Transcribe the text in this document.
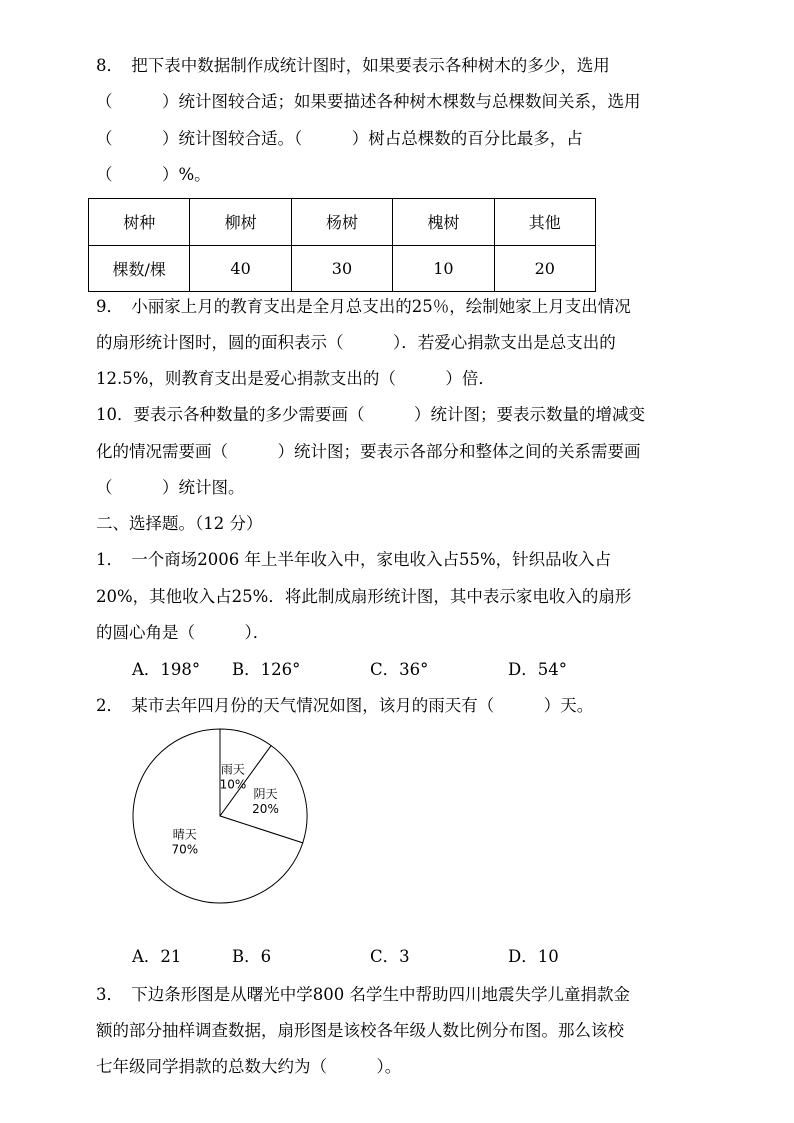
8．　把下表中数据制作成统计图时，如果要表示各种树木的多少，选用
（　　　）统计图较合适；如果要描述各种树木棵数与总棵数间关系，选用
（　　　）统计图较合适。（　　　）树占总棵数的百分比最多，占
（　　　）%。
树种	柳树	杨树	槐树	其他
棵数/棵	40	30	10	20
9．　小丽家上月的教育支出是全月总支出的25％，绘制她家上月支出情况
的扇形统计图时，圆的面积表示（　　　）．若爱心捐款支出是总支出的
12.5%，则教育支出是爱心捐款支出的（　　　）倍．
10．要表示各种数量的多少需要画（　　　）统计图；要表示数量的增减变
化的情况需要画（　　　）统计图；要表示各部分和整体之间的关系需要画
（　　　）统计图。
二、选择题。（12 分）
1．　一个商场2006 年上半年收入中，家电收入占55%，针织品收入占
20%，其他收入占25%．将此制成扇形统计图，其中表示家电收入的扇形
的圆心角是（　　　）．
A．198° B．126°	C．36°	D．54°
2．　某市去年四月份的天气情况如图，该月的雨天有（　　　）天。
雨天
10%
阴天
20%
晴天
70%
A．21	B．6	C．3	D．10
3．　下边条形图是从曙光中学800 名学生中帮助四川地震失学儿童捐款金
额的部分抽样调查数据，扇形图是该校各年级人数比例分布图。那么该校
七年级同学捐款的总数大约为（　　　）。
